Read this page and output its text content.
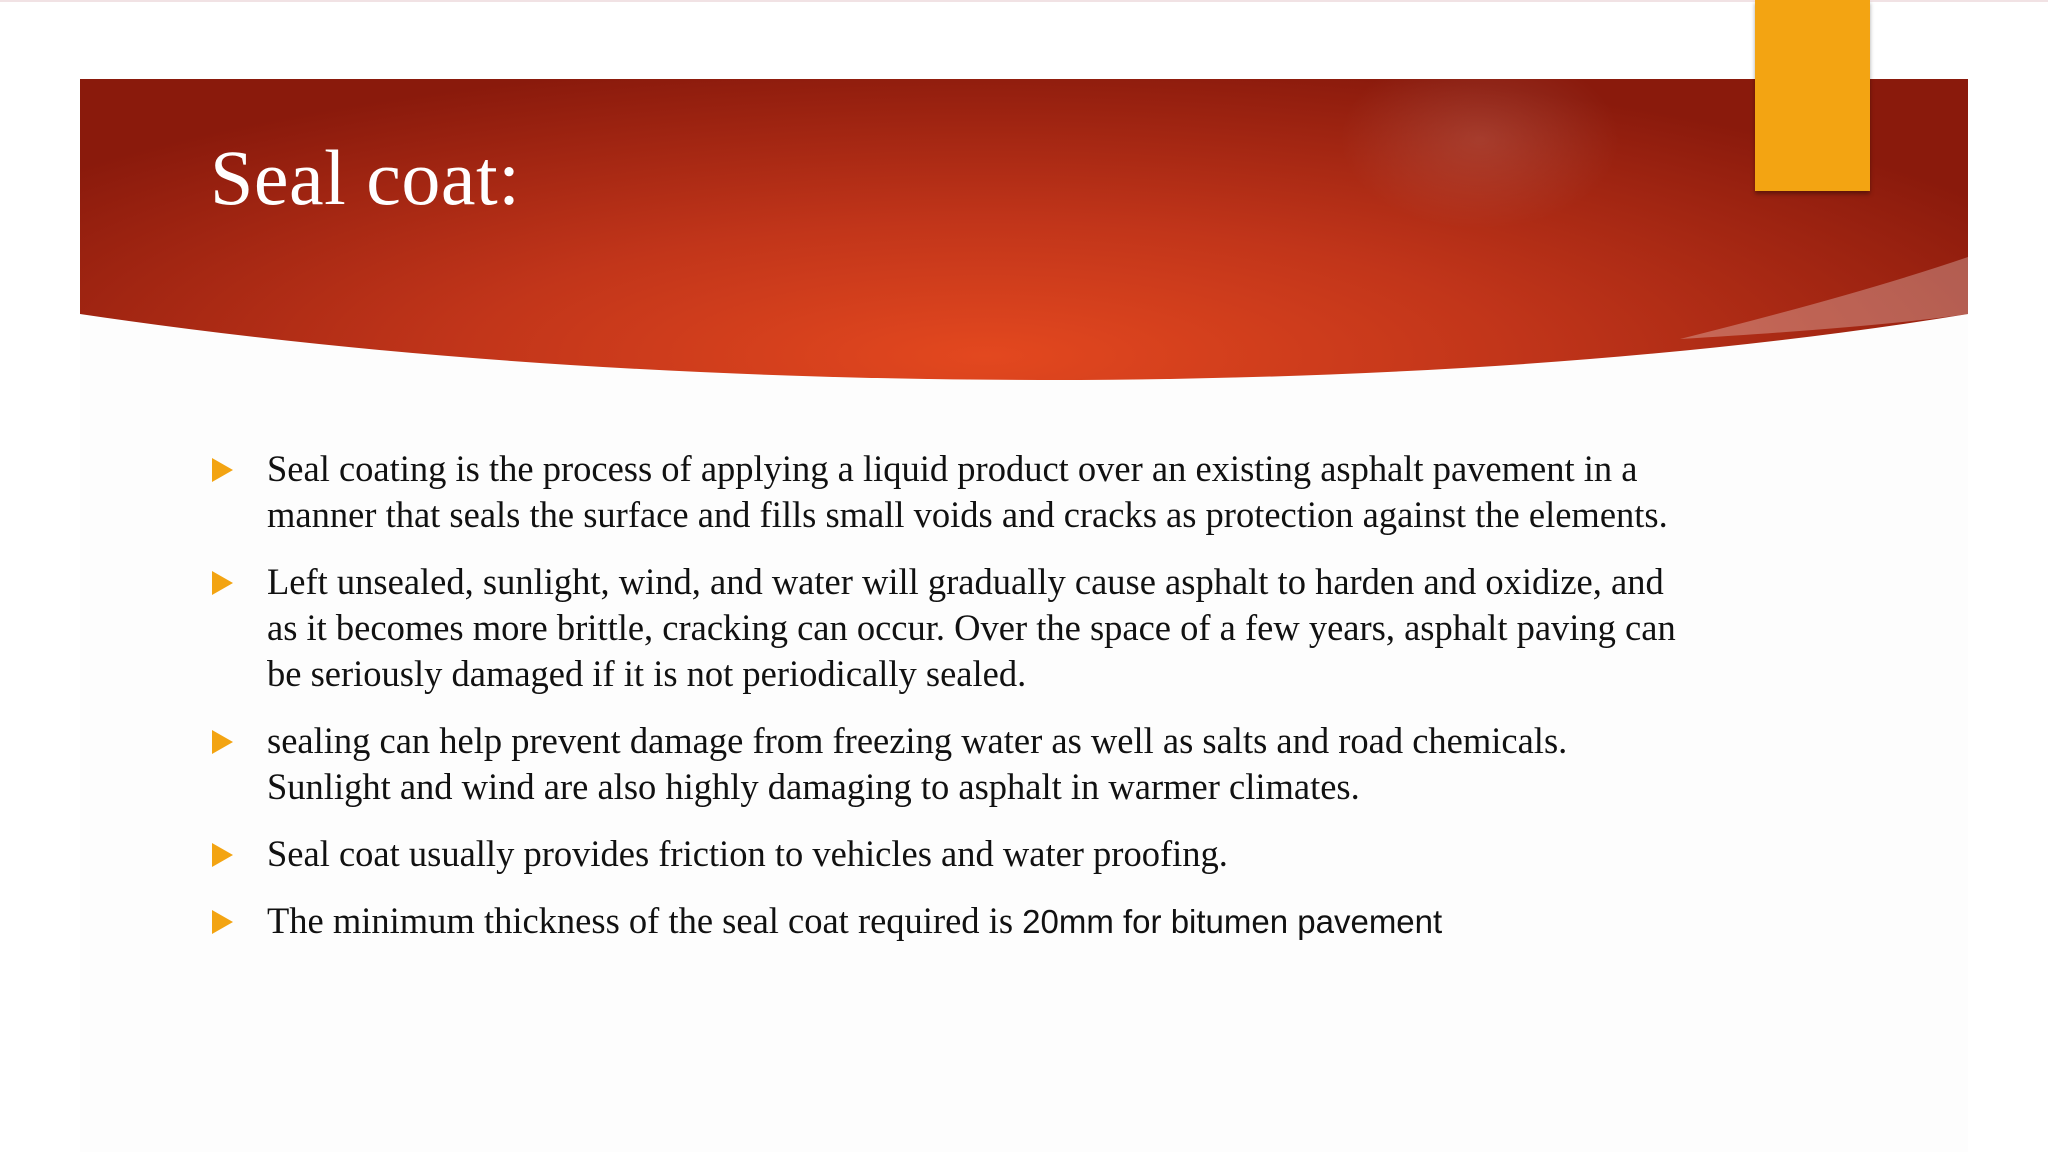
Seal coat:
Seal coating is the process of applying a liquid product over an existing asphalt pavement in a manner that seals the surface and fills small voids and cracks as protection against the elements.
Left unsealed, sunlight, wind, and water will gradually cause asphalt to harden and oxidize, and as it becomes more brittle, cracking can occur. Over the space of a few years, asphalt paving can be seriously damaged if it is not periodically sealed.
sealing can help prevent damage from freezing water as well as salts and road chemicals. Sunlight and wind are also highly damaging to asphalt in warmer climates.
Seal coat usually provides friction to vehicles and water proofing.
The minimum thickness of the seal coat required is 20mm for bitumen pavement
